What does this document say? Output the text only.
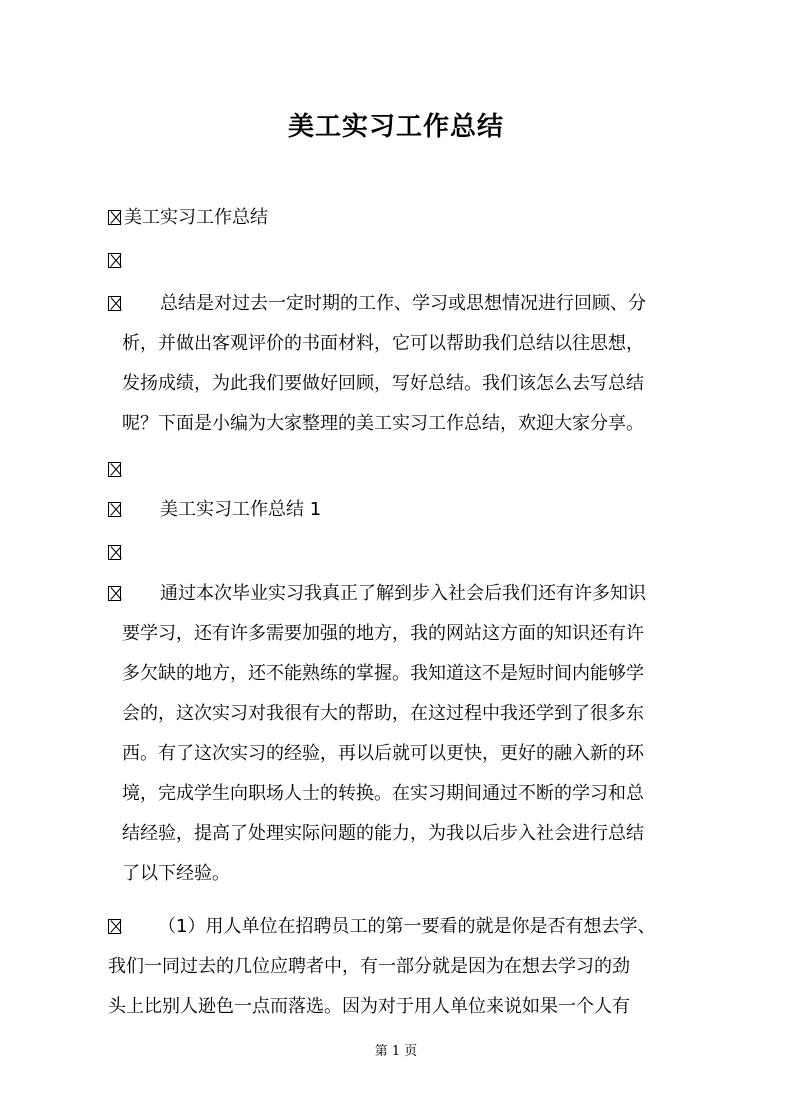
美工实习工作总结

美工实习工作总结

总结是对过去一定时期的工作、学习或思想情况进行回顾、分
析，并做出客观评价的书面材料，它可以帮助我们总结以往思想，
发扬成绩，为此我们要做好回顾，写好总结。我们该怎么去写总结
呢？下面是小编为大家整理的美工实习工作总结，欢迎大家分享。

美工实习工作总结 1

通过本次毕业实习我真正了解到步入社会后我们还有许多知识
要学习，还有许多需要加强的地方，我的网站这方面的知识还有许
多欠缺的地方，还不能熟练的掌握。我知道这不是短时间内能够学
会的，这次实习对我很有大的帮助，在这过程中我还学到了很多东
西。有了这次实习的经验，再以后就可以更快，更好的融入新的环
境，完成学生向职场人士的转换。在实习期间通过不断的学习和总
结经验，提高了处理实际问题的能力，为我以后步入社会进行总结
了以下经验。

（1）用人单位在招聘员工的第一要看的就是你是否有想去学、
我们一同过去的几位应聘者中，有一部分就是因为在想去学习的劲
头上比别人逊色一点而落选。因为对于用人单位来说如果一个人有

第 1 页
